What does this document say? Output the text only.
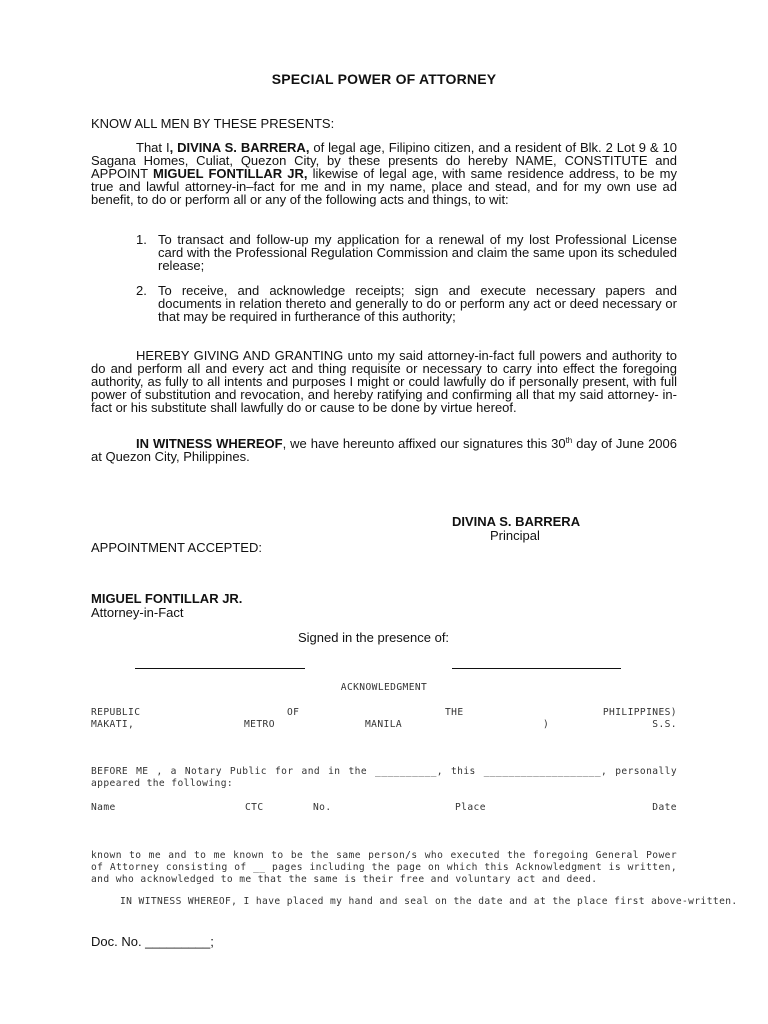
SPECIAL POWER OF ATTORNEY
KNOW ALL MEN BY THESE PRESENTS:
That I, DIVINA S. BARRERA, of legal age, Filipino citizen, and a resident of Blk. 2 Lot 9 & 10 Sagana Homes, Culiat, Quezon City, by these presents do hereby NAME, CONSTITUTE and APPOINT MIGUEL FONTILLAR JR, likewise of legal age, with same residence address, to be my true and lawful attorney-in–fact for me and in my name, place and stead, and for my own use ad benefit, to do or perform all or any of the following acts and things, to wit:
1. To transact and follow-up my application for a renewal of my lost Professional License card with the Professional Regulation Commission and claim the same upon its scheduled release;
2. To receive, and acknowledge receipts; sign and execute necessary papers and documents in relation thereto and generally to do or perform any act or deed necessary or that may be required in furtherance of this authority;
HEREBY GIVING AND GRANTING unto my said attorney-in-fact full powers and authority to do and perform all and every act and thing requisite or necessary to carry into effect the foregoing authority, as fully to all intents and purposes I might or could lawfully do if personally present, with full power of substitution and revocation, and hereby ratifying and confirming all that my said attorney- in-fact or his substitute shall lawfully do or cause to be done by virtue hereof.
IN WITNESS WHEREOF, we have hereunto affixed our signatures this 30th day of June 2006 at Quezon City, Philippines.
DIVINA S. BARRERA
Principal
APPOINTMENT ACCEPTED:
MIGUEL FONTILLAR JR.
Attorney-in-Fact
Signed in the presence of:
ACKNOWLEDGMENT
REPUBLIC	OF	THE	PHILIPPINES)
MAKATI,	METRO	MANILA	)	S.S.
BEFORE ME , a Notary Public for and in the __________, this ___________________, personally appeared the following:
Name	CTC	No.	Place	Date
known to me and to me known to be the same person/s who executed the foregoing General Power of Attorney consisting of __ pages including the page on which this Acknowledgment is written, and who acknowledged to me that the same is their free and voluntary act and deed.
IN WITNESS WHEREOF, I have placed my hand and seal on the date and at the place first above-written.
Doc. No. _________;
